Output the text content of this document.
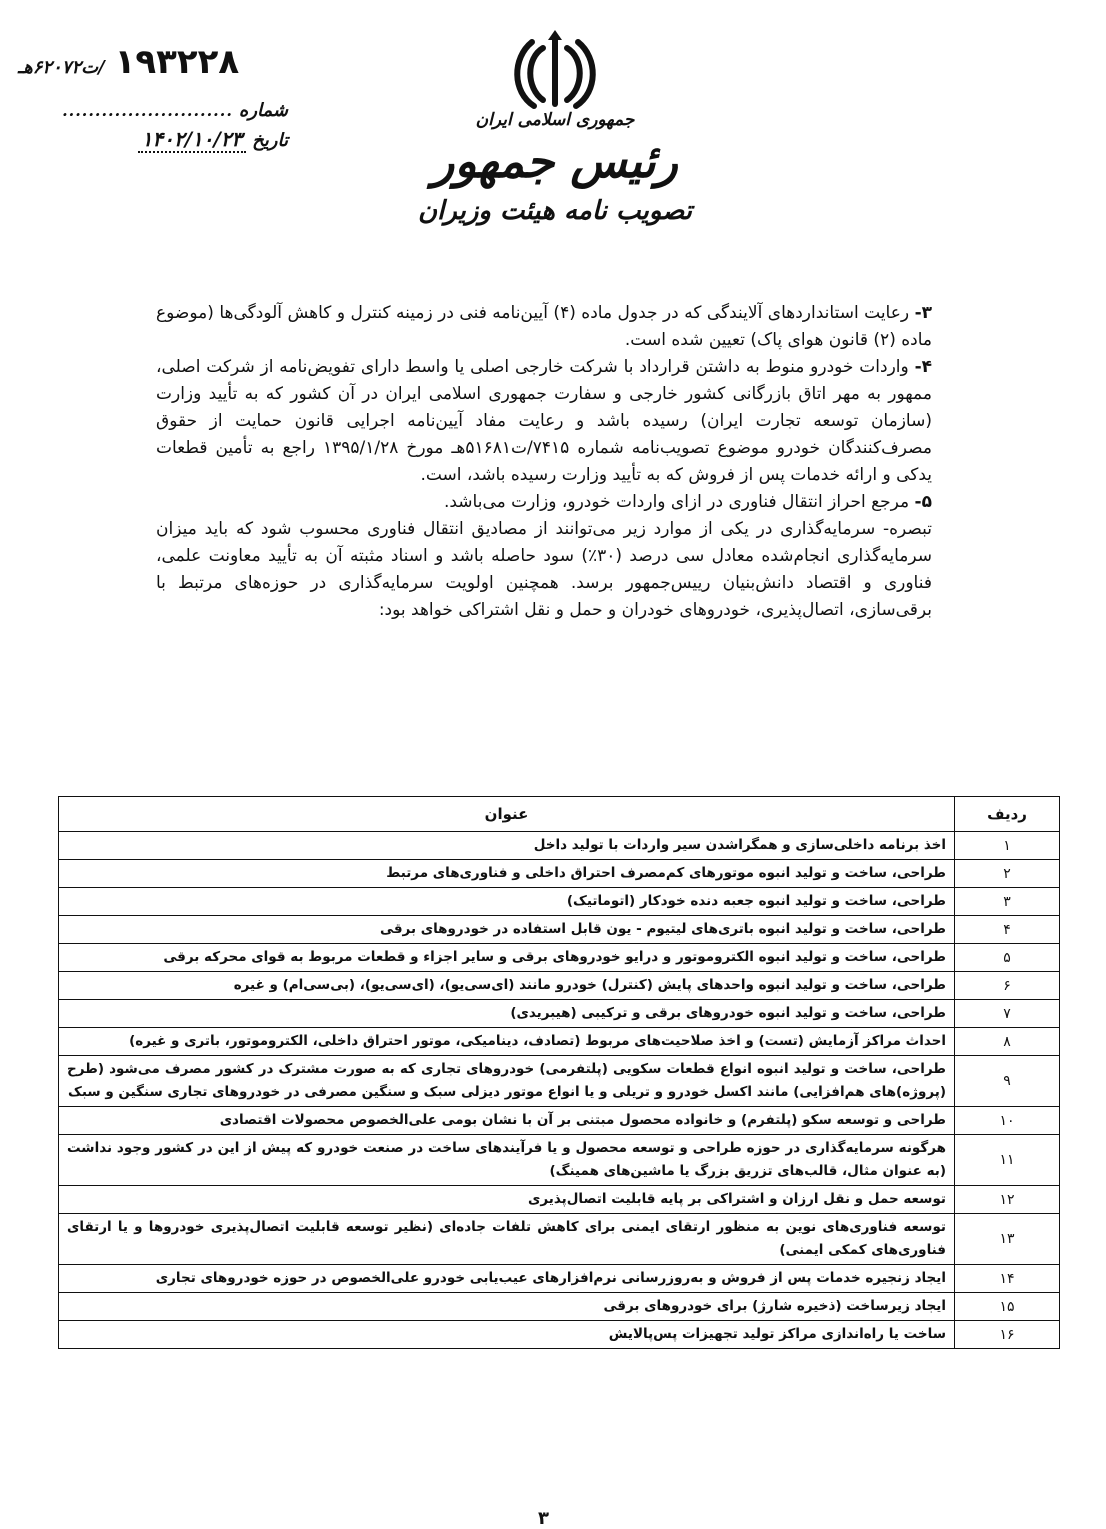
جمهوری اسلامی ایران
رئیس جمهور
تصویب نامه هیئت وزیران
/ت۶۲۰۷۲هـ ۱۹۳۲۲۸
شماره
..........................
تاریخ
۱۴۰۲/۱۰/۲۳

۳- رعایت استانداردهای آلایندگی که در جدول ماده (۴) آیین‌نامه فنی در زمینه کنترل و کاهش آلودگی‌ها (موضوع ماده (۲) قانون هوای پاک) تعیین شده است.

۴- واردات خودرو منوط به داشتن قرارداد با شرکت خارجی اصلی یا واسط دارای تفویض‌نامه از شرکت اصلی، ممهور به مهر اتاق بازرگانی کشور خارجی و سفارت جمهوری اسلامی ایران در آن کشور که به تأیید وزارت (سازمان توسعه تجارت ایران) رسیده باشد و رعایت مفاد آیین‌نامه اجرایی قانون حمایت از حقوق مصرف‌کنندگان خودرو موضوع تصویب‌نامه شماره ۷۴۱۵/ت۵۱۶۸۱هـ مورخ ۱۳۹۵/۱/۲۸ راجع به تأمین قطعات یدکی و ارائه خدمات پس از فروش که به تأیید وزارت رسیده باشد، است.

۵- مرجع احراز انتقال فناوری در ازای واردات خودرو، وزارت می‌باشد.

تبصره- سرمایه‌گذاری در یکی از موارد زیر می‌توانند از مصادیق انتقال فناوری محسوب شود که باید میزان سرمایه‌گذاری انجام‌شده معادل سی درصد (۳۰٪) سود حاصله باشد و اسناد مثبته آن به تأیید معاونت علمی، فناوری و اقتصاد دانش‌بنیان رییس‌جمهور برسد. همچنین اولویت سرمایه‌گذاری در حوزه‌های مرتبط با برقی‌سازی، اتصال‌پذیری، خودروهای خودران و حمل و نقل اشتراکی خواهد بود:

ردیف	عنوان
۱	اخذ برنامه داخلی‌سازی و همگراشدن سیر واردات با تولید داخل
۲	طراحی، ساخت و تولید انبوه موتورهای کم‌مصرف احتراق داخلی و فناوری‌های مرتبط
۳	طراحی، ساخت و تولید انبوه جعبه دنده خودکار (اتوماتیک)
۴	طراحی، ساخت و تولید انبوه باتری‌های لیتیوم - یون قابل استفاده در خودروهای برقی
۵	طراحی، ساخت و تولید انبوه الکتروموتور و درایو خودروهای برقی و سایر اجزاء و قطعات مربوط به قوای محرکه برقی
۶	طراحی، ساخت و تولید انبوه واحدهای پایش (کنترل) خودرو مانند (ای‌سی‌یو)، (ای‌سی‌یو)، (بی‌سی‌ام) و غیره
۷	طراحی، ساخت و تولید انبوه خودروهای برقی و ترکیبی (هیبریدی)
۸	احداث مراکز آزمایش (تست) و اخذ صلاحیت‌های مربوط (تصادف، دینامیکی، موتور احتراق داخلی، الکتروموتور، باتری و غیره)
۹	طراحی، ساخت و تولید انبوه انواع قطعات سکویی (پلتفرمی) خودروهای تجاری که به صورت مشترک در کشور مصرف می‌شود (طرح (پروژه)های هم‌افزایی) مانند اکسل خودرو و تریلی و یا انواع موتور دیزلی سبک و سنگین مصرفی در خودروهای تجاری سنگین و سبک
۱۰	طراحی و توسعه سکو (پلتفرم) و خانواده محصول مبتنی بر آن با نشان بومی علی‌الخصوص محصولات اقتصادی
۱۱	هرگونه سرمایه‌گذاری در حوزه طراحی و توسعه محصول و یا فرآیندهای ساخت در صنعت خودرو که پیش از این در کشور وجود نداشت (به عنوان مثال، قالب‌های تزریق بزرگ یا ماشین‌های همینگ)
۱۲	توسعه حمل و نقل ارزان و اشتراکی بر پایه قابلیت اتصال‌پذیری
۱۳	توسعه فناوری‌های نوین به منظور ارتقای ایمنی برای کاهش تلفات جاده‌ای (نظیر توسعه قابلیت اتصال‌پذیری خودروها و یا ارتقای فناوری‌های کمکی ایمنی)
۱۴	ایجاد زنجیره خدمات پس از فروش و به‌روزرسانی نرم‌افزارهای عیب‌یابی خودرو علی‌الخصوص در حوزه خودروهای تجاری
۱۵	ایجاد زیرساخت (ذخیره شارژ) برای خودروهای برقی
۱۶	ساخت یا راه‌اندازی مراکز تولید تجهیزات پس‌پالایش
۳
